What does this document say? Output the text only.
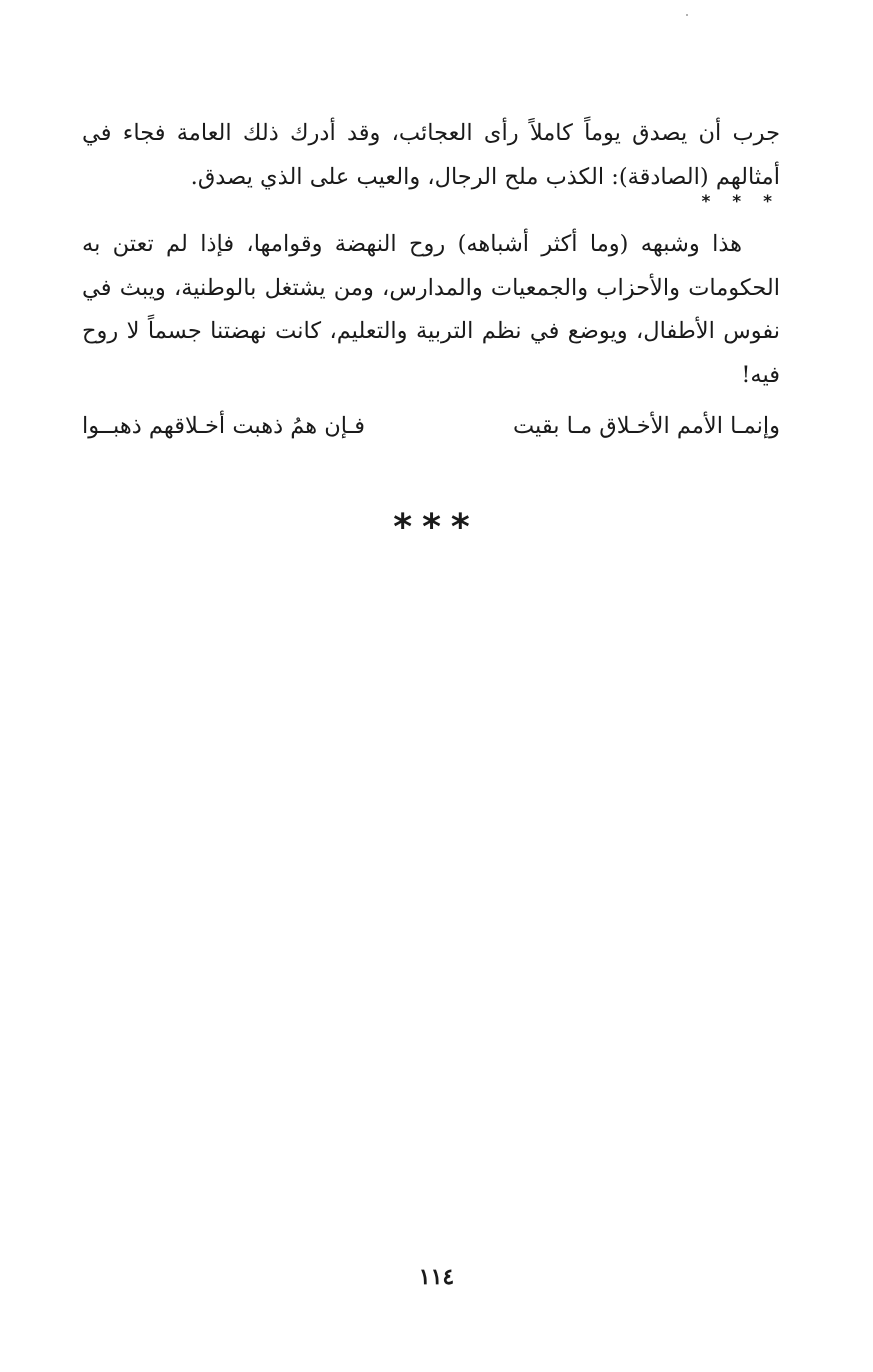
جرب أن يصدق يوماً كاملاً رأى العجائب، وقد أدرك ذلك العامة فجاء في أمثالهم (الصادقة): الكذب ملح الرجال، والعيب على الذي يصدق.

* * *

هذا وشبهه (وما أكثر أشباهه) روح النهضة وقوامها، فإذا لم تعتن به الحكومات والأحزاب والجمعيات والمدارس، ومن يشتغل بالوطنية، ويبث في نفوس الأطفال، ويوضع في نظم التربية والتعليم، كانت نهضتنا جسماً لا روح فيه!

وإنمـا الأمم الأخـلاق مـا بقيت
فـإن همُ ذهبت أخـلاقهم ذهبــوا
***
١١٤
